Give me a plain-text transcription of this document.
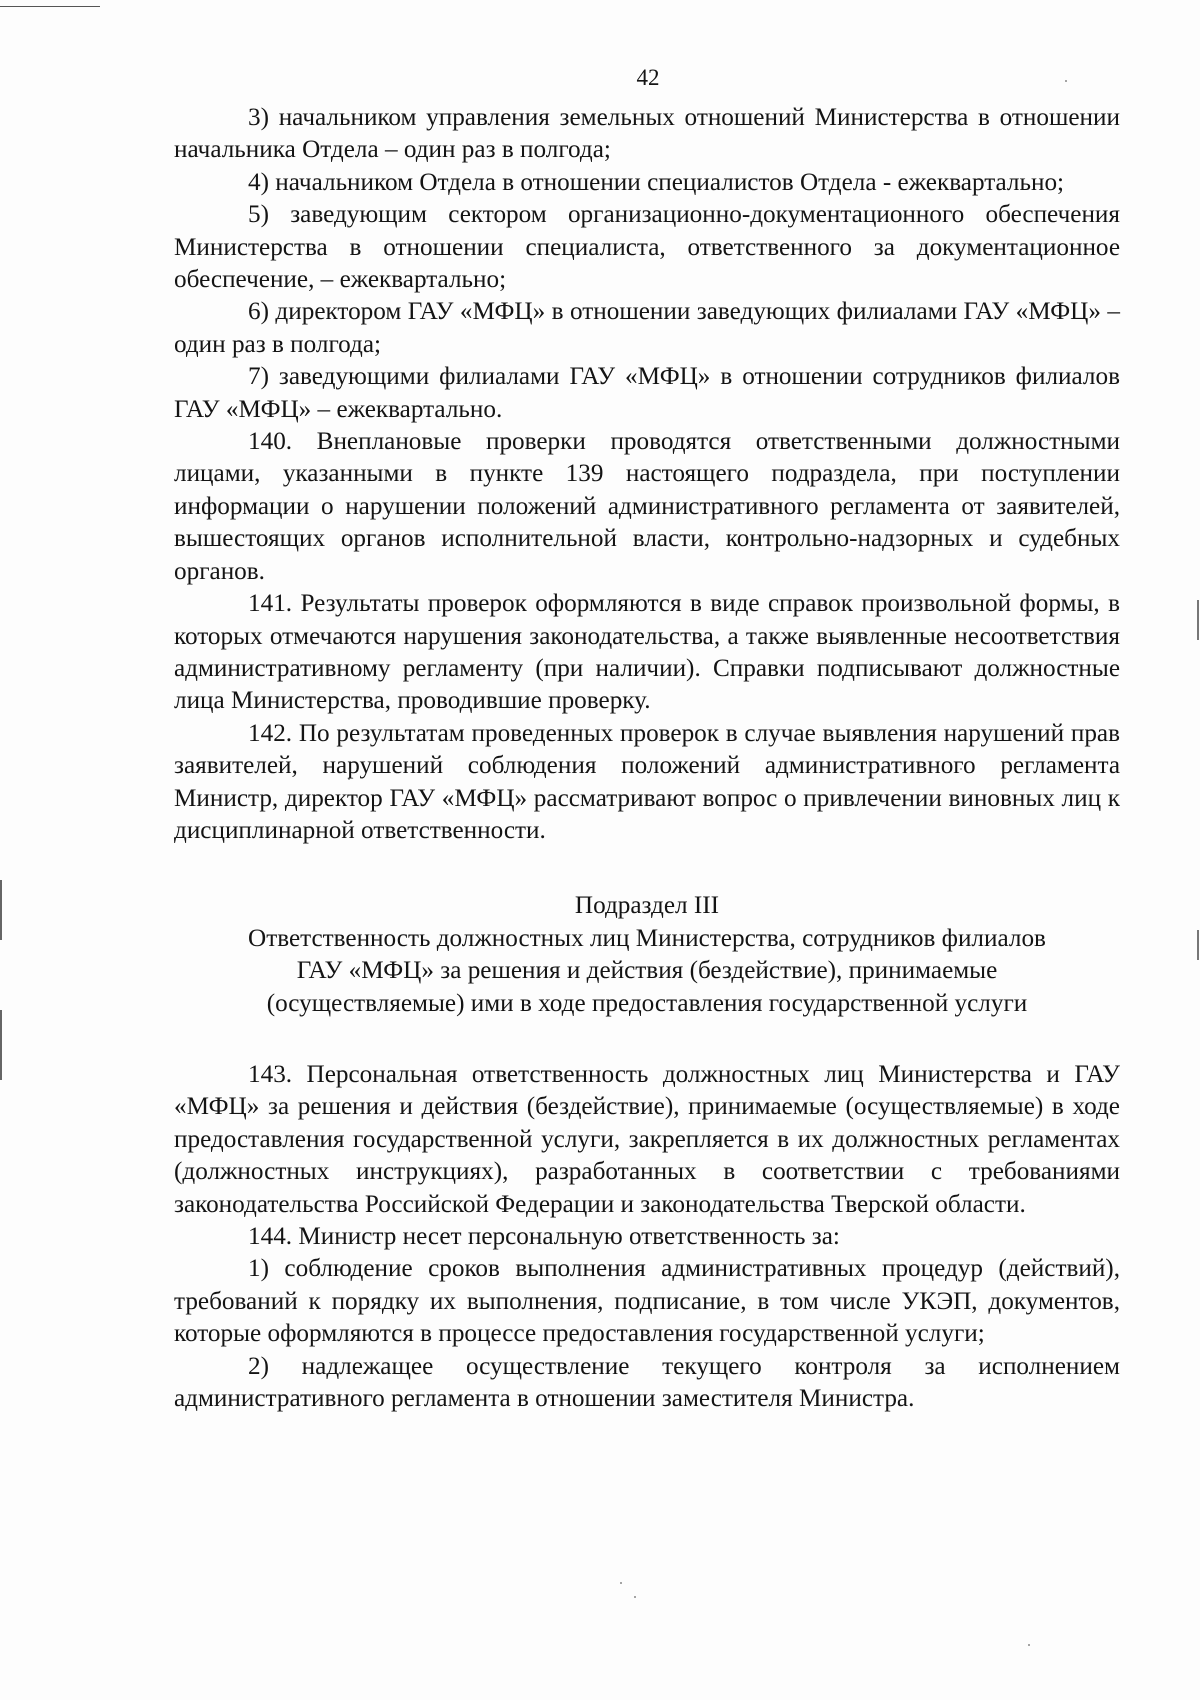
42

3) начальником управления земельных отношений Министерства в отношении начальника Отдела – один раз в полгода;

4) начальником Отдела в отношении специалистов Отдела - ежеквартально;

5) заведующим сектором организационно-документационного обеспечения Министерства в отношении специалиста, ответственного за документационное обеспечение, – ежеквартально;

6) директором ГАУ «МФЦ» в отношении заведующих филиалами ГАУ «МФЦ» – один раз в полгода;

7) заведующими филиалами ГАУ «МФЦ» в отношении сотрудников филиалов ГАУ «МФЦ» – ежеквартально.

140. Внеплановые проверки проводятся ответственными должностными лицами, указанными в пункте 139 настоящего подраздела, при поступлении информации о нарушении положений административного регламента от заявителей, вышестоящих органов исполнительной власти, контрольно-надзорных и судебных органов.

141. Результаты проверок оформляются в виде справок произвольной формы, в которых отмечаются нарушения законодательства, а также выявленные несоответствия административному регламенту (при наличии). Справки подписывают должностные лица Министерства, проводившие проверку.

142. По результатам проведенных проверок в случае выявления нарушений прав заявителей, нарушений соблюдения положений административного регламента Министр, директор ГАУ «МФЦ» рассматривают вопрос о привлечении виновных лиц к дисциплинарной ответственности.

Подраздел III
Ответственность должностных лиц Министерства, сотрудников филиалов
ГАУ «МФЦ» за решения и действия (бездействие), принимаемые
(осуществляемые) ими в ходе предоставления государственной услуги

143. Персональная ответственность должностных лиц Министерства и ГАУ «МФЦ» за решения и действия (бездействие), принимаемые (осуществляемые) в ходе предоставления государственной услуги, закрепляется в их должностных регламентах (должностных инструкциях), разработанных в соответствии с требованиями законодательства Российской Федерации и законодательства Тверской области.

144. Министр несет персональную ответственность за:

1) соблюдение сроков выполнения административных процедур (действий), требований к порядку их выполнения, подписание, в том числе УКЭП, документов, которые оформляются в процессе предоставления государственной услуги;

2) надлежащее осуществление текущего контроля за исполнением административного регламента в отношении заместителя Министра.
